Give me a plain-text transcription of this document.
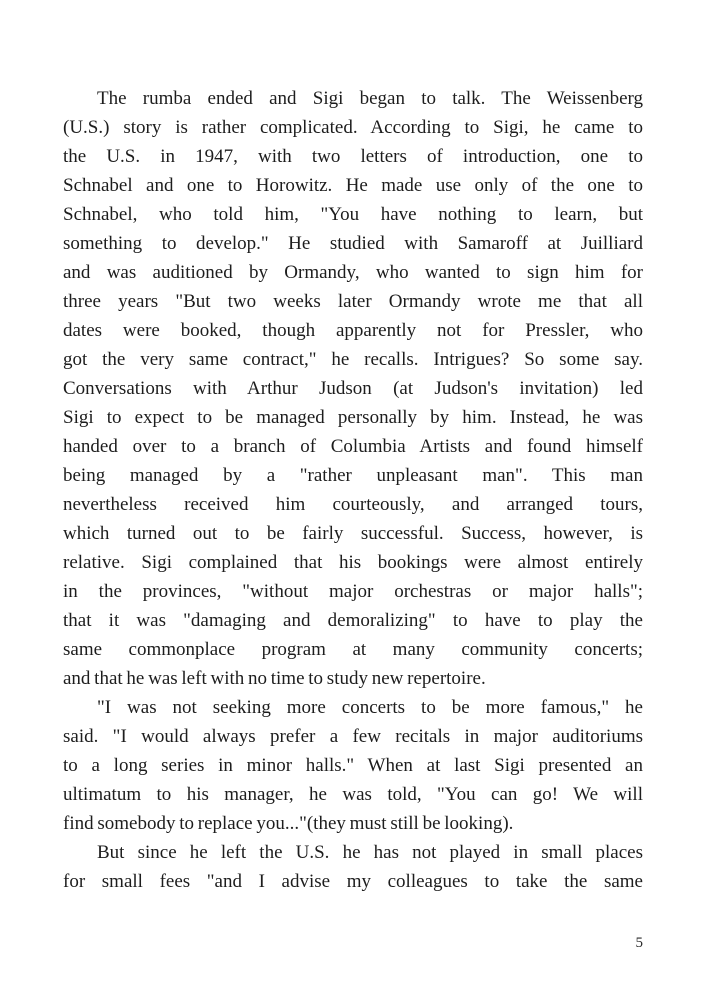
The rumba ended and Sigi began to talk. The Weissenberg
(U.S.) story is rather complicated. According to Sigi, he came to
the U.S. in 1947, with two letters of introduction, one to
Schnabel and one to Horowitz. He made use only of the one to
Schnabel, who told him, "You have nothing to learn, but
something to develop." He studied with Samaroff at Juilliard
and was auditioned by Ormandy, who wanted to sign him for
three years "But two weeks later Ormandy wrote me that all
dates were booked, though apparently not for Pressler, who
got the very same contract," he recalls. Intrigues? So some say.
Conversations with Arthur Judson (at Judson's invitation) led
Sigi to expect to be managed personally by him. Instead, he was
handed over to a branch of Columbia Artists and found himself
being managed by a "rather unpleasant man". This man
nevertheless received him courteously, and arranged tours,
which turned out to be fairly successful. Success, however, is
relative. Sigi complained that his bookings were almost entirely
in the provinces, "without major orchestras or major halls";
that it was "damaging and demoralizing" to have to play the
same commonplace program at many community concerts;
and that he was left with no time to study new repertoire.
"I was not seeking more concerts to be more famous," he
said. "I would always prefer a few recitals in major auditoriums
to a long series in minor halls." When at last Sigi presented an
ultimatum to his manager, he was told, "You can go! We will
find somebody to replace you..."(they must still be looking).
But since he left the U.S. he has not played in small places
for small fees "and I advise my colleagues to take the same
5
